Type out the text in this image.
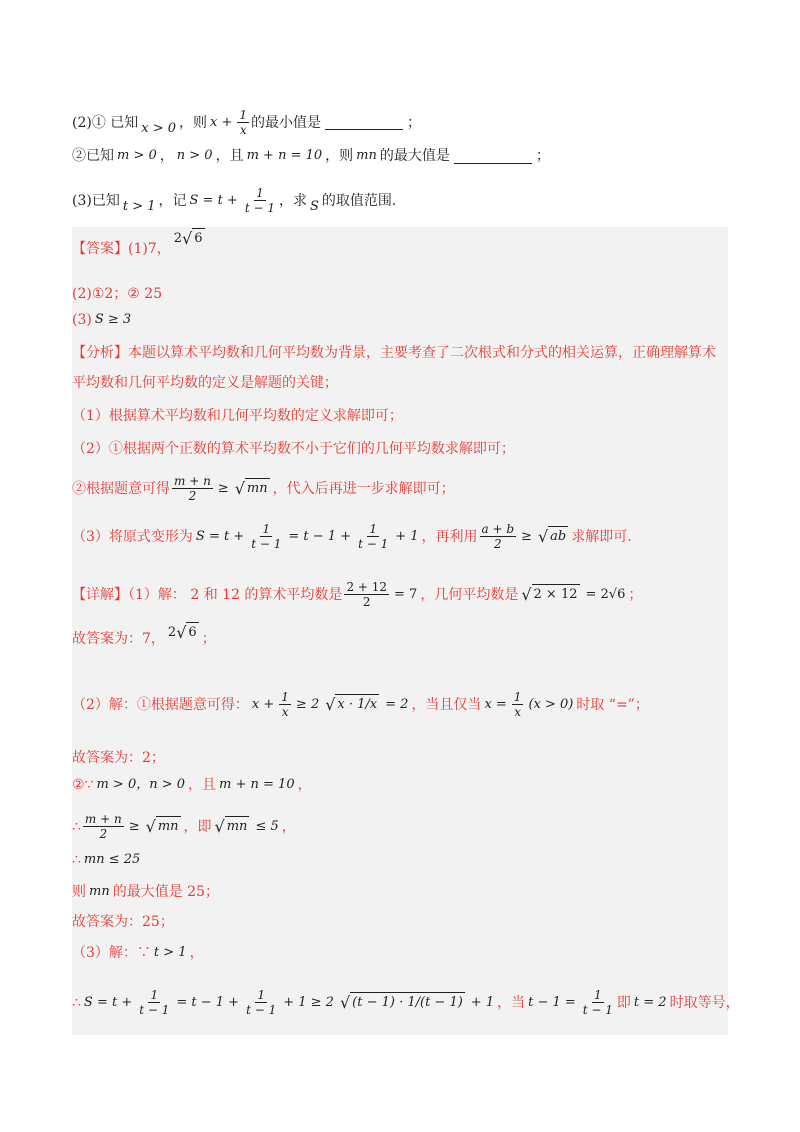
(2)① 已知 x > 0 ，则 $x + \frac{1}{x}$ 的最小值是	；
②已知 m > 0 ， n > 0 ，且 m + n = 10 ，则 mn 的最大值是	；
(3)已知 t > 1 ，记 $S = t + \frac{1}{t - 1}$ ，求 S 的取值范围.
【答案】(1)7，
2 √ 6
(2)①2；② 25
(3) S ≥ 3
【分析】本题以算术平均数和几何平均数为背景，主要考查了二次根式和分式的相关运算，正确理解算术
平均数和几何平均数的定义是解题的关键；
（1）根据算术平均数和几何平均数的定义求解即可；
（2）①根据两个正数的算术平均数不小于它们的几何平均数求解即可；
②根据题意可得 $\frac{m + n}{2}$ ≥ √ mn ，代入后再进一步求解即可；
（3）将原式变形为 $S = t + \frac{1}{t - 1} = t - 1 + \frac{1}{t - 1} + 1$ ，再利用 $\frac{a + b}{2}$ ≥ √ ab 求解即可.
【详解】（1）解： 2 和 12 的算术平均数是 $\frac{2 + 12}{2} = 7$ ，几何平均数是 √ 2 × 12 = 2√6 ；
故答案为：7， 2 √ 6 ；
（2）解：①根据题意可得： $x + \frac{1}{x} \ge 2$ √ x · 1/x = 2 ，当且仅当 $x = \frac{1}{x} (x > 0)$ 时取 “=”；
故答案为：2；
②∵ m > 0，n > 0 ，且 m + n = 10 ，
∴ $\frac{m + n}{2}$ ≥ √ mn ，即 √ mn ≤ 5 ，
∴ mn ≤ 25
则 mn 的最大值是 25；
故答案为：25；
（3）解：∵ t > 1 ，
∴ $S = t + \frac{1}{t - 1} = t - 1 + \frac{1}{t - 1} + 1 \ge 2$ √ (t − 1) · 1/(t − 1) + 1 ，当 $t - 1 = \frac{1}{t - 1}$ 即 t = 2 时取等号，
